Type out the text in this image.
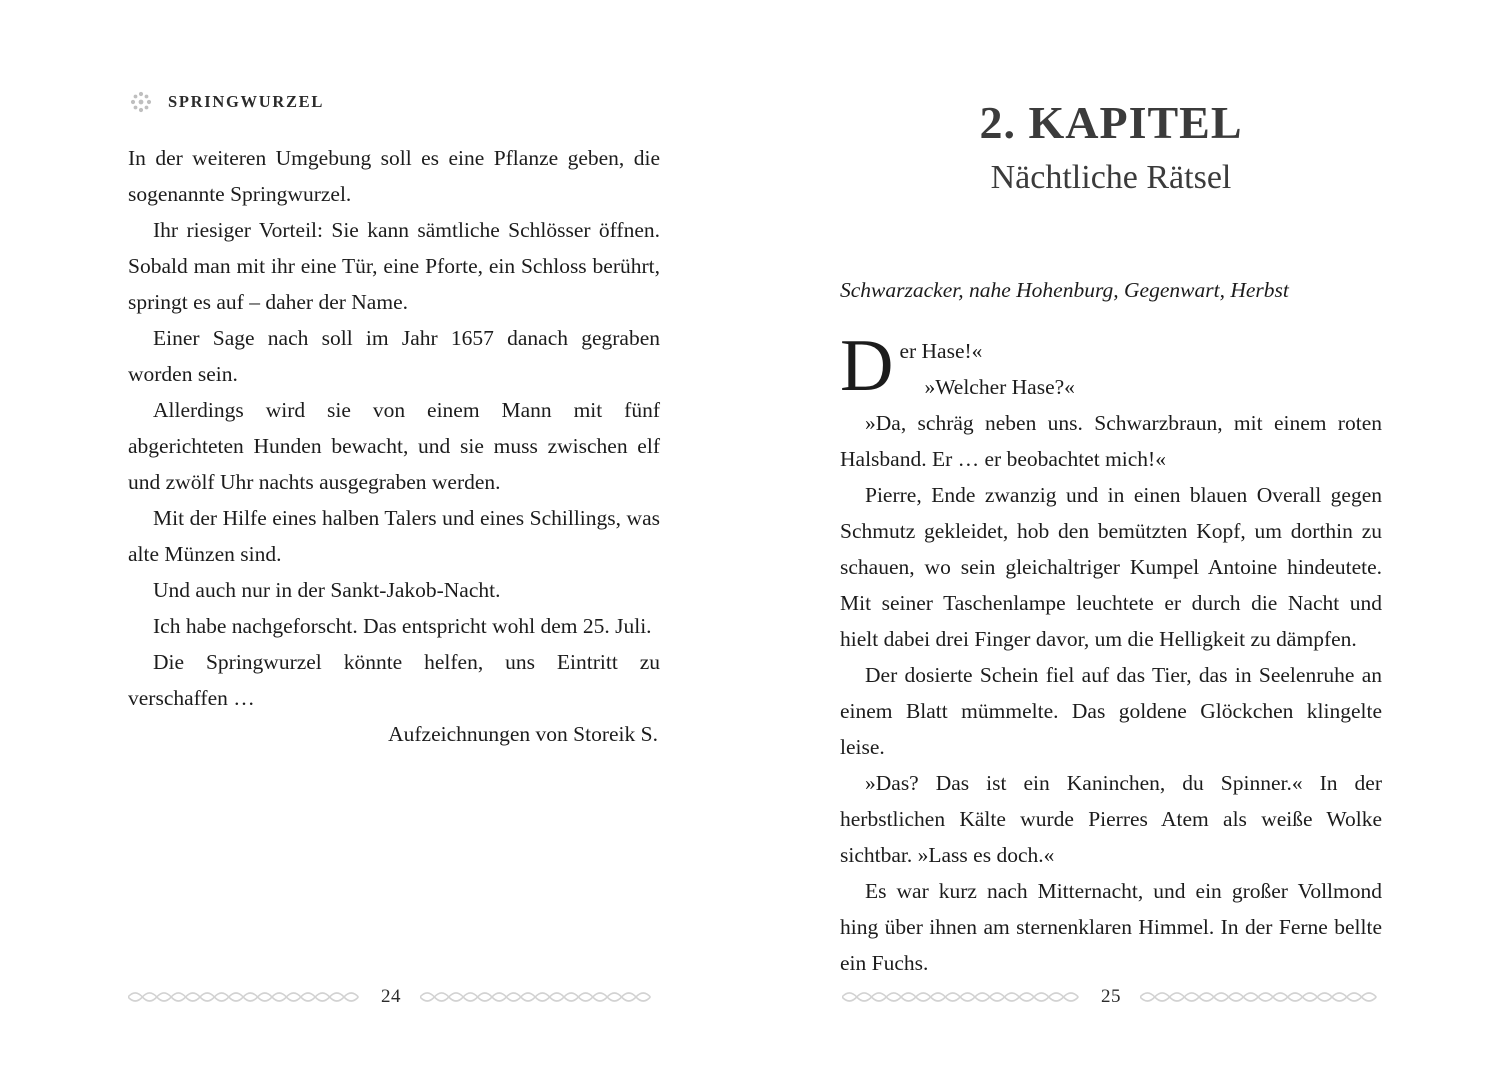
SPRINGWURZEL

In der weiteren Umgebung soll es eine Pflanze geben, die sogenannte Springwurzel.

Ihr riesiger Vorteil: Sie kann sämtliche Schlösser öffnen. Sobald man mit ihr eine Tür, eine Pforte, ein Schloss berührt, springt es auf – daher der Name.

Einer Sage nach soll im Jahr 1657 danach gegraben worden sein.

Allerdings wird sie von einem Mann mit fünf abgerichteten Hunden bewacht, und sie muss zwischen elf und zwölf Uhr nachts ausgegraben werden.

Mit der Hilfe eines halben Talers und eines Schillings, was alte Münzen sind.

Und auch nur in der Sankt-Jakob-Nacht.

Ich habe nachgeforscht. Das entspricht wohl dem 25. Juli.

Die Springwurzel könnte helfen, uns Eintritt zu verschaffen …

Aufzeichnungen von Storeik S.

24
2. KAPITEL
Nächtliche Rätsel
Schwarzacker, nahe Hohenburg, Gegenwart, Herbst

Der Hase!«

»Welcher Hase?«

»Da, schräg neben uns. Schwarzbraun, mit einem roten Halsband. Er … er beobachtet mich!«

Pierre, Ende zwanzig und in einen blauen Overall gegen Schmutz gekleidet, hob den bemützten Kopf, um dorthin zu schauen, wo sein gleichaltriger Kumpel Antoine hindeutete. Mit seiner Taschenlampe leuchtete er durch die Nacht und hielt dabei drei Finger davor, um die Helligkeit zu dämpfen.

Der dosierte Schein fiel auf das Tier, das in Seelenruhe an einem Blatt mümmelte. Das goldene Glöckchen klingelte leise.

»Das? Das ist ein Kaninchen, du Spinner.« In der herbstlichen Kälte wurde Pierres Atem als weiße Wolke sichtbar. »Lass es doch.«

Es war kurz nach Mitternacht, und ein großer Vollmond hing über ihnen am sternenklaren Himmel. In der Ferne bellte ein Fuchs.

25
